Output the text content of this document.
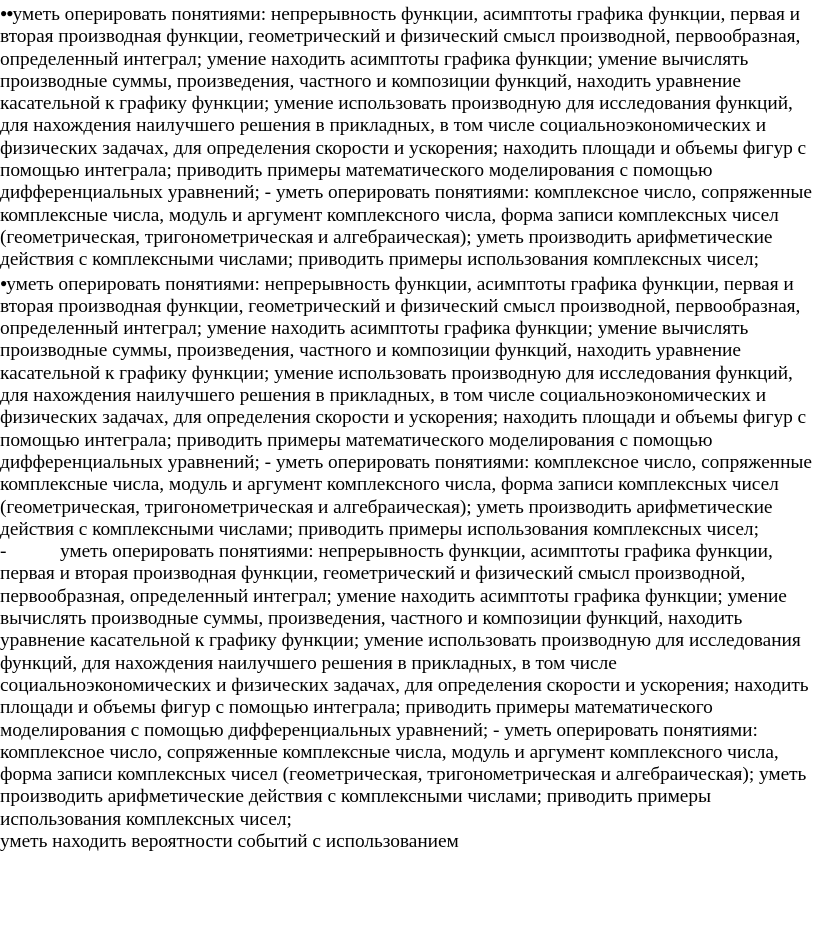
●●уметь оперировать понятиями: непрерывность функции, асимптоты графика функции, первая и вторая производная функции, геометрический и физический смысл производной, первообразная, определенный интеграл; умение находить асимптоты графика функции; умение вычислять производные суммы, произведения, частного и композиции функций, находить уравнение касательной к графику функции; умение использовать производную для исследования функций, для нахождения наилучшего решения в прикладных, в том числе социальноэкономических и физических задачах, для определения скорости и ускорения; находить площади и объемы фигур с помощью интеграла; приводить примеры математического моделирования с помощью дифференциальных уравнений; - уметь оперировать понятиями: комплексное число, сопряженные комплексные числа, модуль и аргумент комплексного числа, форма записи комплексных чисел (геометрическая, тригонометрическая и алгебраическая); уметь производить арифметические действия с комплексными числами; приводить примеры использования комплексных чисел;

●уметь оперировать понятиями: непрерывность функции, асимптоты графика функции, первая и вторая производная функции, геометрический и физический смысл производной, первообразная, определенный интеграл; умение находить асимптоты графика функции; умение вычислять производные суммы, произведения, частного и композиции функций, находить уравнение касательной к графику функции; умение использовать производную для исследования функций, для нахождения наилучшего решения в прикладных, в том числе социальноэкономических и физических задачах, для определения скорости и ускорения; находить площади и объемы фигур с помощью интеграла; приводить примеры математического моделирования с помощью дифференциальных уравнений; - уметь оперировать понятиями: комплексное число, сопряженные комплексные числа, модуль и аргумент комплексного числа, форма записи комплексных чисел (геометрическая, тригонометрическая и алгебраическая); уметь производить арифметические действия с комплексными числами; приводить примеры использования комплексных чисел;

-	уметь оперировать понятиями: непрерывность функции, асимптоты графика функции, первая и вторая производная функции, геометрический и физический смысл производной, первообразная, определенный интеграл; умение находить асимптоты графика функции; умение вычислять производные суммы, произведения, частного и композиции функций, находить уравнение касательной к графику функции; умение использовать производную для исследования функций, для нахождения наилучшего решения в прикладных, в том числе социальноэкономических и физических задачах, для определения скорости и ускорения; находить площади и объемы фигур с помощью интеграла; приводить примеры математического моделирования с помощью дифференциальных уравнений; - уметь оперировать понятиями: комплексное число, сопряженные комплексные числа, модуль и аргумент комплексного числа, форма записи комплексных чисел (геометрическая, тригонометрическая и алгебраическая); уметь производить арифметические действия с комплексными числами; приводить примеры использования комплексных чисел;

уметь находить вероятности событий с использованием
